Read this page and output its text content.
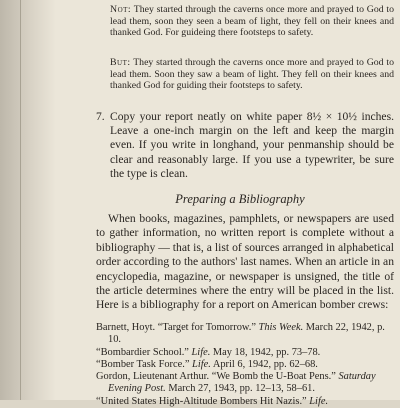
Not: They started through the caverns once more and prayed to God to lead them, soon they seen a beam of light, they fell on their knees and thanked God. For guideing there footsteps to safety.
But: They started through the caverns once more and prayed to God to lead them. Soon they saw a beam of light. They fell on their knees and thanked God for guiding their footsteps to safety.
7. Copy your report neatly on white paper 8½ × 10½ inches. Leave a one-inch margin on the left and keep the margin even. If you write in longhand, your penmanship should be clear and reasonably large. If you use a typewriter, be sure the type is clean.
Preparing a Bibliography
When books, magazines, pamphlets, or newspapers are used to gather information, no written report is complete without a bibliography — that is, a list of sources arranged in alphabetical order according to the authors' last names. When an article in an encyclopedia, magazine, or newspaper is unsigned, the title of the article determines where the entry will be placed in the list. Here is a bibliography for a report on American bomber crews:
Barnett, Hoyt. “Target for Tomorrow.” This Week. March 22, 1942, p. 10.
“Bombardier School.” Life. May 18, 1942, pp. 73–78.
“Bomber Task Force.” Life. April 6, 1942, pp. 62–68.
Gordon, Lieutenant Arthur. “We Bomb the U-Boat Pens.” Saturday Evening Post. March 27, 1943, pp. 12–13, 58–61.
“United States High-Altitude Bombers Hit Nazis.” Life.
